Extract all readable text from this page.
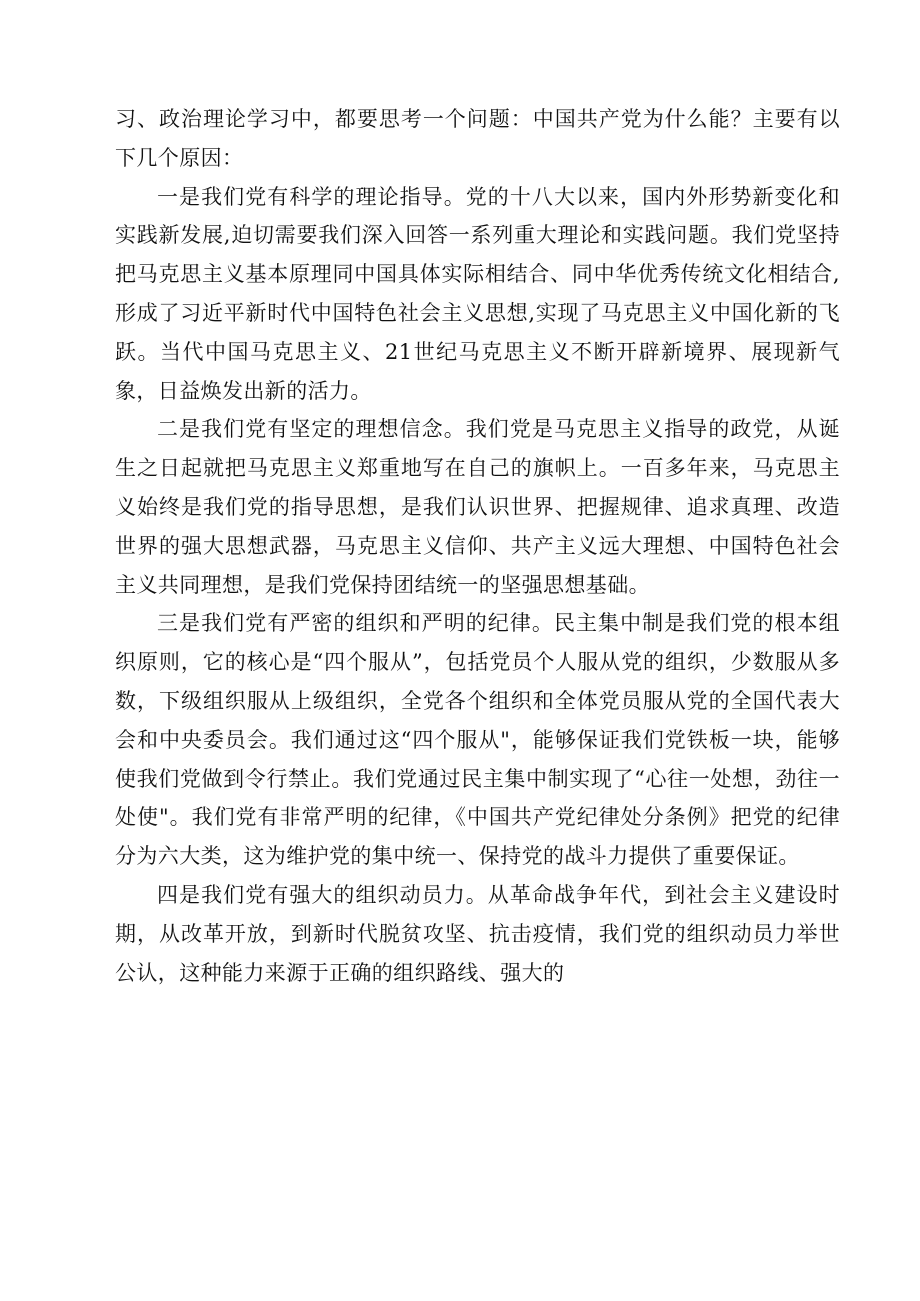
习、政治理论学习中，都要思考一个问题：中国共产党为什么能？主要有以下几个原因：

一是我们党有科学的理论指导。党的十八大以来，国内外形势新变化和实践新发展,迫切需要我们深入回答一系列重大理论和实践问题。我们党坚持把马克思主义基本原理同中国具体实际相结合、同中华优秀传统文化相结合,形成了习近平新时代中国特色社会主义思想,实现了马克思主义中国化新的飞跃。当代中国马克思主义、21世纪马克思主义不断开辟新境界、展现新气象，日益焕发出新的活力。

二是我们党有坚定的理想信念。我们党是马克思主义指导的政党，从诞生之日起就把马克思主义郑重地写在自己的旗帜上。一百多年来，马克思主义始终是我们党的指导思想，是我们认识世界、把握规律、追求真理、改造世界的强大思想武器，马克思主义信仰、共产主义远大理想、中国特色社会主义共同理想，是我们党保持团结统一的坚强思想基础。

三是我们党有严密的组织和严明的纪律。民主集中制是我们党的根本组织原则，它的核心是“四个服从”，包括党员个人服从党的组织，少数服从多数，下级组织服从上级组织，全党各个组织和全体党员服从党的全国代表大会和中央委员会。我们通过这“四个服从"，能够保证我们党铁板一块，能够使我们党做到令行禁止。我们党通过民主集中制实现了“心往一处想，劲往一处使"。我们党有非常严明的纪律，《中国共产党纪律处分条例》把党的纪律分为六大类，这为维护党的集中统一、保持党的战斗力提供了重要保证。

四是我们党有强大的组织动员力。从革命战争年代，到社会主义建设时期，从改革开放，到新时代脱贫攻坚、抗击疫情，我们党的组织动员力举世公认，这种能力来源于正确的组织路线、强大的
